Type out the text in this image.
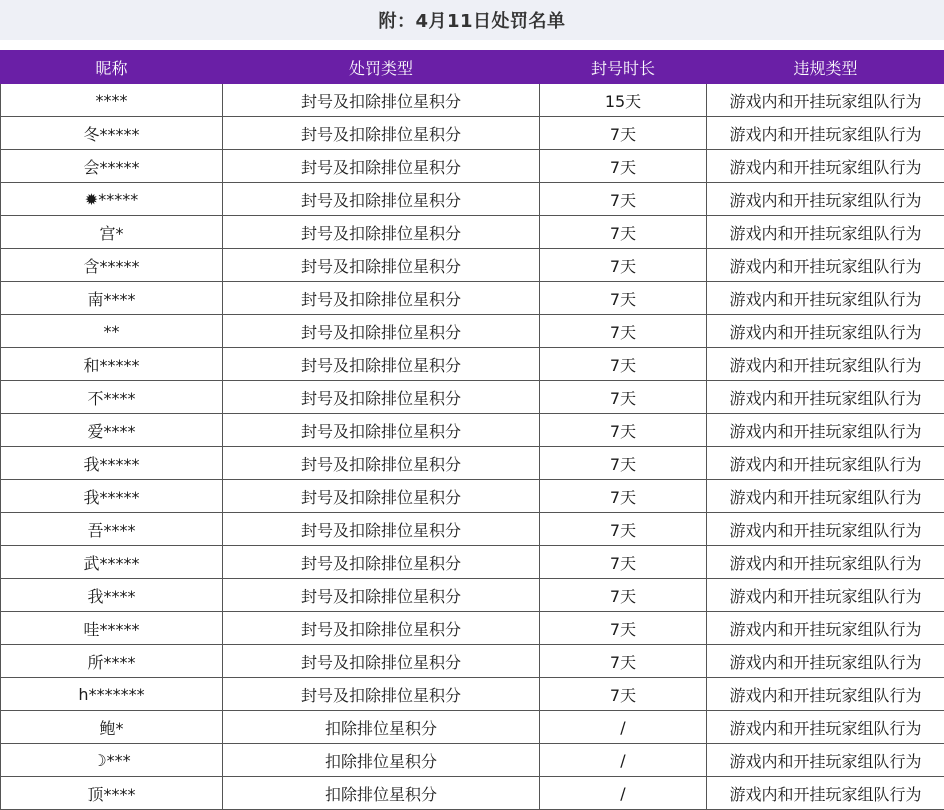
附：4月11日处罚名单
昵称	处罚类型	封号时长	违规类型
****	封号及扣除排位星积分	15天	游戏内和开挂玩家组队行为
冬*****	封号及扣除排位星积分	7天	游戏内和开挂玩家组队行为
会*****	封号及扣除排位星积分	7天	游戏内和开挂玩家组队行为
✹*****	封号及扣除排位星积分	7天	游戏内和开挂玩家组队行为
宫*	封号及扣除排位星积分	7天	游戏内和开挂玩家组队行为
含*****	封号及扣除排位星积分	7天	游戏内和开挂玩家组队行为
南****	封号及扣除排位星积分	7天	游戏内和开挂玩家组队行为
**	封号及扣除排位星积分	7天	游戏内和开挂玩家组队行为
和*****	封号及扣除排位星积分	7天	游戏内和开挂玩家组队行为
不****	封号及扣除排位星积分	7天	游戏内和开挂玩家组队行为
爱****	封号及扣除排位星积分	7天	游戏内和开挂玩家组队行为
我*****	封号及扣除排位星积分	7天	游戏内和开挂玩家组队行为
我*****	封号及扣除排位星积分	7天	游戏内和开挂玩家组队行为
吾****	封号及扣除排位星积分	7天	游戏内和开挂玩家组队行为
武*****	封号及扣除排位星积分	7天	游戏内和开挂玩家组队行为
我****	封号及扣除排位星积分	7天	游戏内和开挂玩家组队行为
哇*****	封号及扣除排位星积分	7天	游戏内和开挂玩家组队行为
所****	封号及扣除排位星积分	7天	游戏内和开挂玩家组队行为
h*******	封号及扣除排位星积分	7天	游戏内和开挂玩家组队行为
鲍*	扣除排位星积分	/	游戏内和开挂玩家组队行为
☽***	扣除排位星积分	/	游戏内和开挂玩家组队行为
顶****	扣除排位星积分	/	游戏内和开挂玩家组队行为
